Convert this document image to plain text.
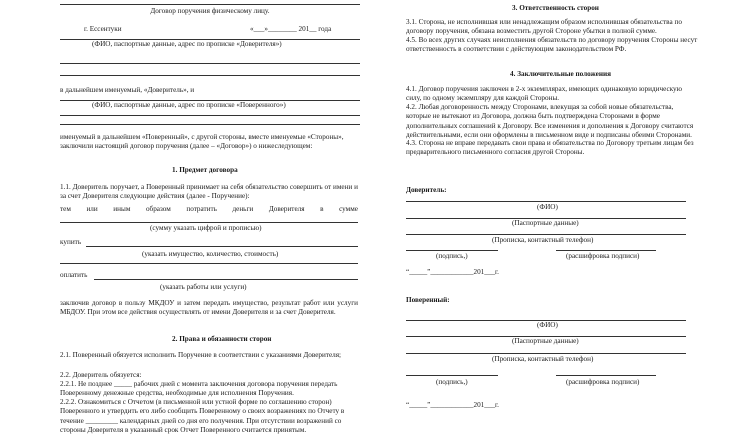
Договор поручения физическому лицу.
г. Ессентуки	«___»________ 201__ года
(ФИО, паспортные данные, адрес по прописке «Доверителя»)
в дальнейшем именуемый, «Доверитель», и
(ФИО, паспортные данные, адрес по прописке «Поверенного»)
именуемый в дальнейшем «Поверенный», с другой стороны, вместе именуемые «Стороны»,
заключили настоящий договор поручения (далее – «Договор») о нижеследующем:
1. Предмет договора
1.1. Доверитель поручает, а Поверенный принимает на себя обязательство совершить от имени и за счет Доверителя следующие действия (далее - Поручение):
тем или иным образом потратить деньги Доверителя в сумме
(сумму указать цифрой и прописью)
купить
(указать имущество, количество, стоимость)
оплатить
(указать работы или услуги)
заключив договор в пользу МКДОУ и затем передать имущество, результат работ или услуги МБДОУ. При этом все действия осуществлять от имени Доверителя и за счет Доверителя.
2. Права и обязанности сторон
2.1. Поверенный обязуется исполнить Поручение в соответствии с указаниями Доверителя;
2.2. Доверитель обязуется:
2.2.1. Не позднее _____ рабочих дней с момента заключения договора поручения передать Поверенному денежные средства, необходимые для исполнения Поручения.
2.2.2. Ознакомиться с Отчетом (в письменной или устной форме по соглашению сторон) Поверенного и утвердить его либо сообщить Поверенному о своих возражениях по Отчету в течение _________ календарных дней со дня его получения. При отсутствии возражений со стороны Доверителя в указанный срок Отчет Поверенного считается принятым.
3. Ответственность сторон
3.1. Сторона, не исполнившая или ненадлежащим образом исполнившая обязательства по договору поручения, обязана возместить другой Стороне убытки в полной сумме.
4.5. Во всех других случаях неисполнения обязательств по договору поручения Стороны несут ответственность в соответствии с действующим законодательством РФ.
4. Заключительные положения
4.1. Договор поручения заключен в 2-х экземплярах, имеющих одинаковую юридическую силу, по одному экземпляру для каждой Стороны.
4.2. Любая договоренность между Сторонами, влекущая за собой новые обязательства, которые не вытекают из Договора, должна быть подтверждена Сторонами в форме дополнительных соглашений к Договору. Все изменения и дополнения к Договору считаются действительными, если они оформлены в письменном виде и подписаны обеими Сторонами.
4.3. Сторона не вправе передавать свои права и обязательства по Договору третьим лицам без предварительного письменного согласия другой Стороны.
Доверитель:
(ФИО)
(Паспортные данные)
(Прописка, контактный телефон)
(подпись,)	(расшифровка подписи)
“_____”____________201___г.
Поверенный:
(ФИО)
(Паспортные данные)
(Прописка, контактный телефон)
(подпись,)	(расшифровка подписи)
“_____”____________201___г.
